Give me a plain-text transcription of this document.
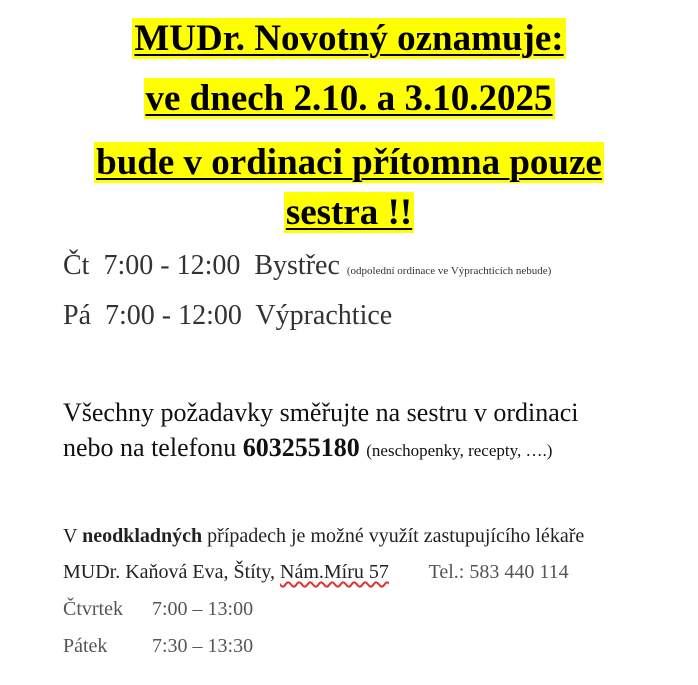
MUDr. Novotný oznamuje:
ve dnech 2.10. a 3.10.2025
bude v ordinaci přítomna pouze
sestra !!
Čt 7:00 - 12:00 Bystřec (odpolední ordinace ve Výprachticích nebude)
Pá 7:00 - 12:00 Výprachtice
Všechny požadavky směřujte na sestru v ordinaci
nebo na telefonu 603255180 (neschopenky, recepty, ….)
V neodkladných případech je možné využít zastupujícího lékaře
MUDr. Kaňová Eva, Štíty, Nám.Míru 57 Tel.: 583 440 114
Čtvrtek 7:00 – 13:00
Pátek 7:30 – 13:30
